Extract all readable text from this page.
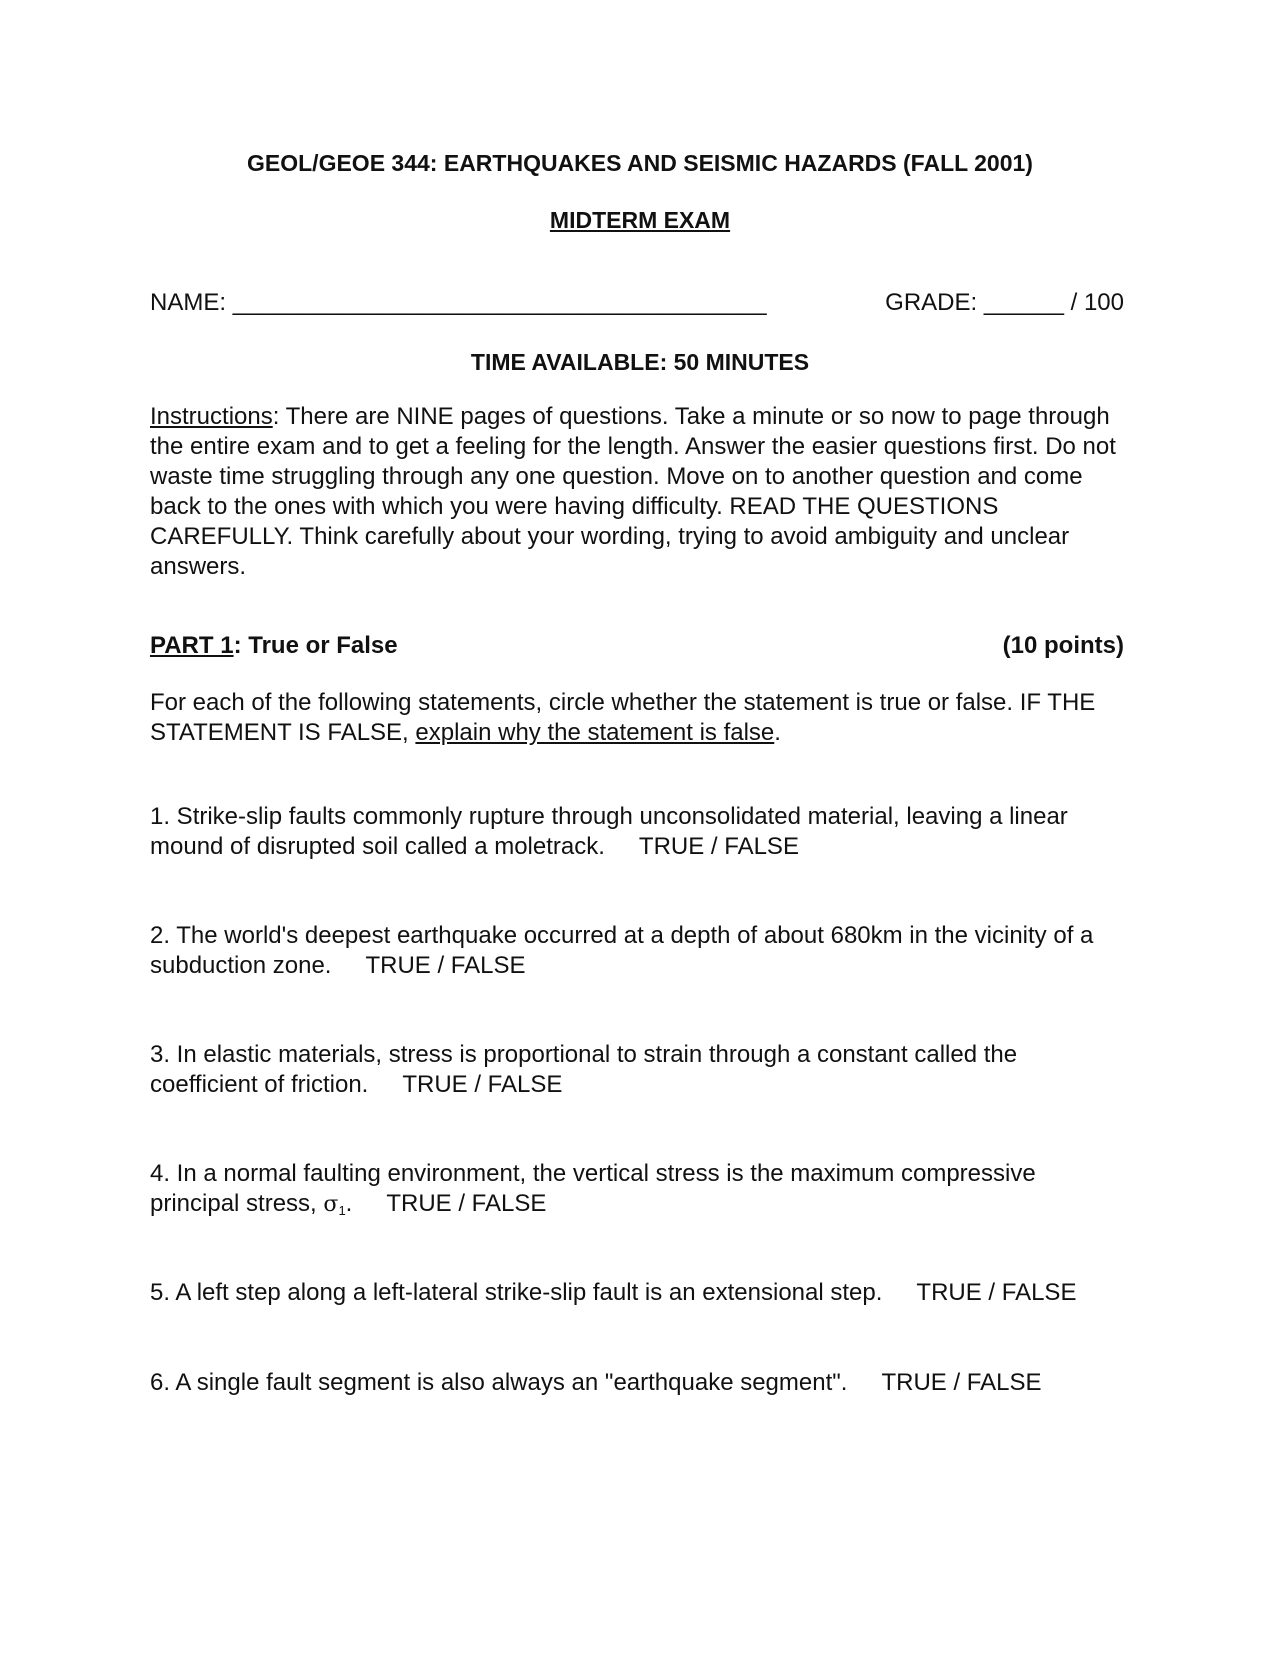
GEOL/GEOE 344: EARTHQUAKES AND SEISMIC HAZARDS (FALL 2001)
MIDTERM EXAM
NAME: ________________________________________	GRADE: ______ / 100
TIME AVAILABLE: 50 MINUTES
Instructions: There are NINE pages of questions. Take a minute or so now to page through the entire exam and to get a feeling for the length. Answer the easier questions first. Do not waste time struggling through any one question. Move on to another question and come back to the ones with which you were having difficulty. READ THE QUESTIONS CAREFULLY. Think carefully about your wording, trying to avoid ambiguity and unclear answers.
PART 1: True or False	(10 points)
For each of the following statements, circle whether the statement is true or false. IF THE STATEMENT IS FALSE, explain why the statement is false.
1. Strike-slip faults commonly rupture through unconsolidated material, leaving a linear mound of disrupted soil called a moletrack. TRUE / FALSE
2. The world's deepest earthquake occurred at a depth of about 680km in the vicinity of a subduction zone. TRUE / FALSE
3. In elastic materials, stress is proportional to strain through a constant called the coefficient of friction. TRUE / FALSE
4. In a normal faulting environment, the vertical stress is the maximum compressive principal stress, $\sigma_1$. TRUE / FALSE
5. A left step along a left-lateral strike-slip fault is an extensional step. TRUE / FALSE
6. A single fault segment is also always an "earthquake segment". TRUE / FALSE
